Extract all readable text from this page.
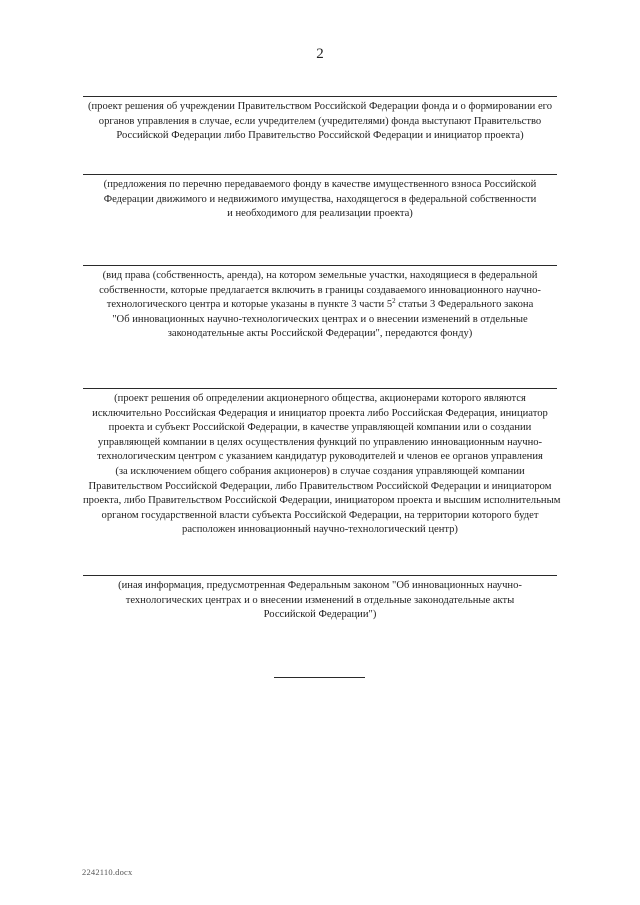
2

(проект решения об учреждении Правительством Российской Федерации фонда и о формировании его

органов управления в случае, если учредителем (учредителями) фонда выступают Правительство

Российской Федерации либо Правительство Российской Федерации и инициатор проекта)

(предложения по перечню передаваемого фонду в качестве имущественного взноса Российской

Федерации движимого и недвижимого имущества, находящегося в федеральной собственности

и необходимого для реализации проекта)

(вид права (собственность, аренда), на котором земельные участки, находящиеся в федеральной

собственности, которые предлагается включить в границы создаваемого инновационного научно-

технологического центра и которые указаны в пункте 3 части $5^2$ статьи 3 Федерального закона

"Об инновационных научно-технологических центрах и о внесении изменений в отдельные

законодательные акты Российской Федерации", передаются фонду)

(проект решения об определении акционерного общества, акционерами которого являются

исключительно Российская Федерация и инициатор проекта либо Российская Федерация, инициатор

проекта и субъект Российской Федерации, в качестве управляющей компании или о создании

управляющей компании в целях осуществления функций по управлению инновационным научно-

технологическим центром с указанием кандидатур руководителей и членов ее органов управления

(за исключением общего собрания акционеров) в случае создания управляющей компании

Правительством Российской Федерации, либо Правительством Российской Федерации и инициатором

проекта, либо Правительством Российской Федерации, инициатором проекта и высшим исполнительным

органом государственной власти субъекта Российской Федерации, на территории которого будет

расположен инновационный научно-технологический центр)

(иная информация, предусмотренная Федеральным законом "Об инновационных научно-

технологических центрах и о внесении изменений в отдельные законодательные акты

Российской Федерации")

2242110.docx
